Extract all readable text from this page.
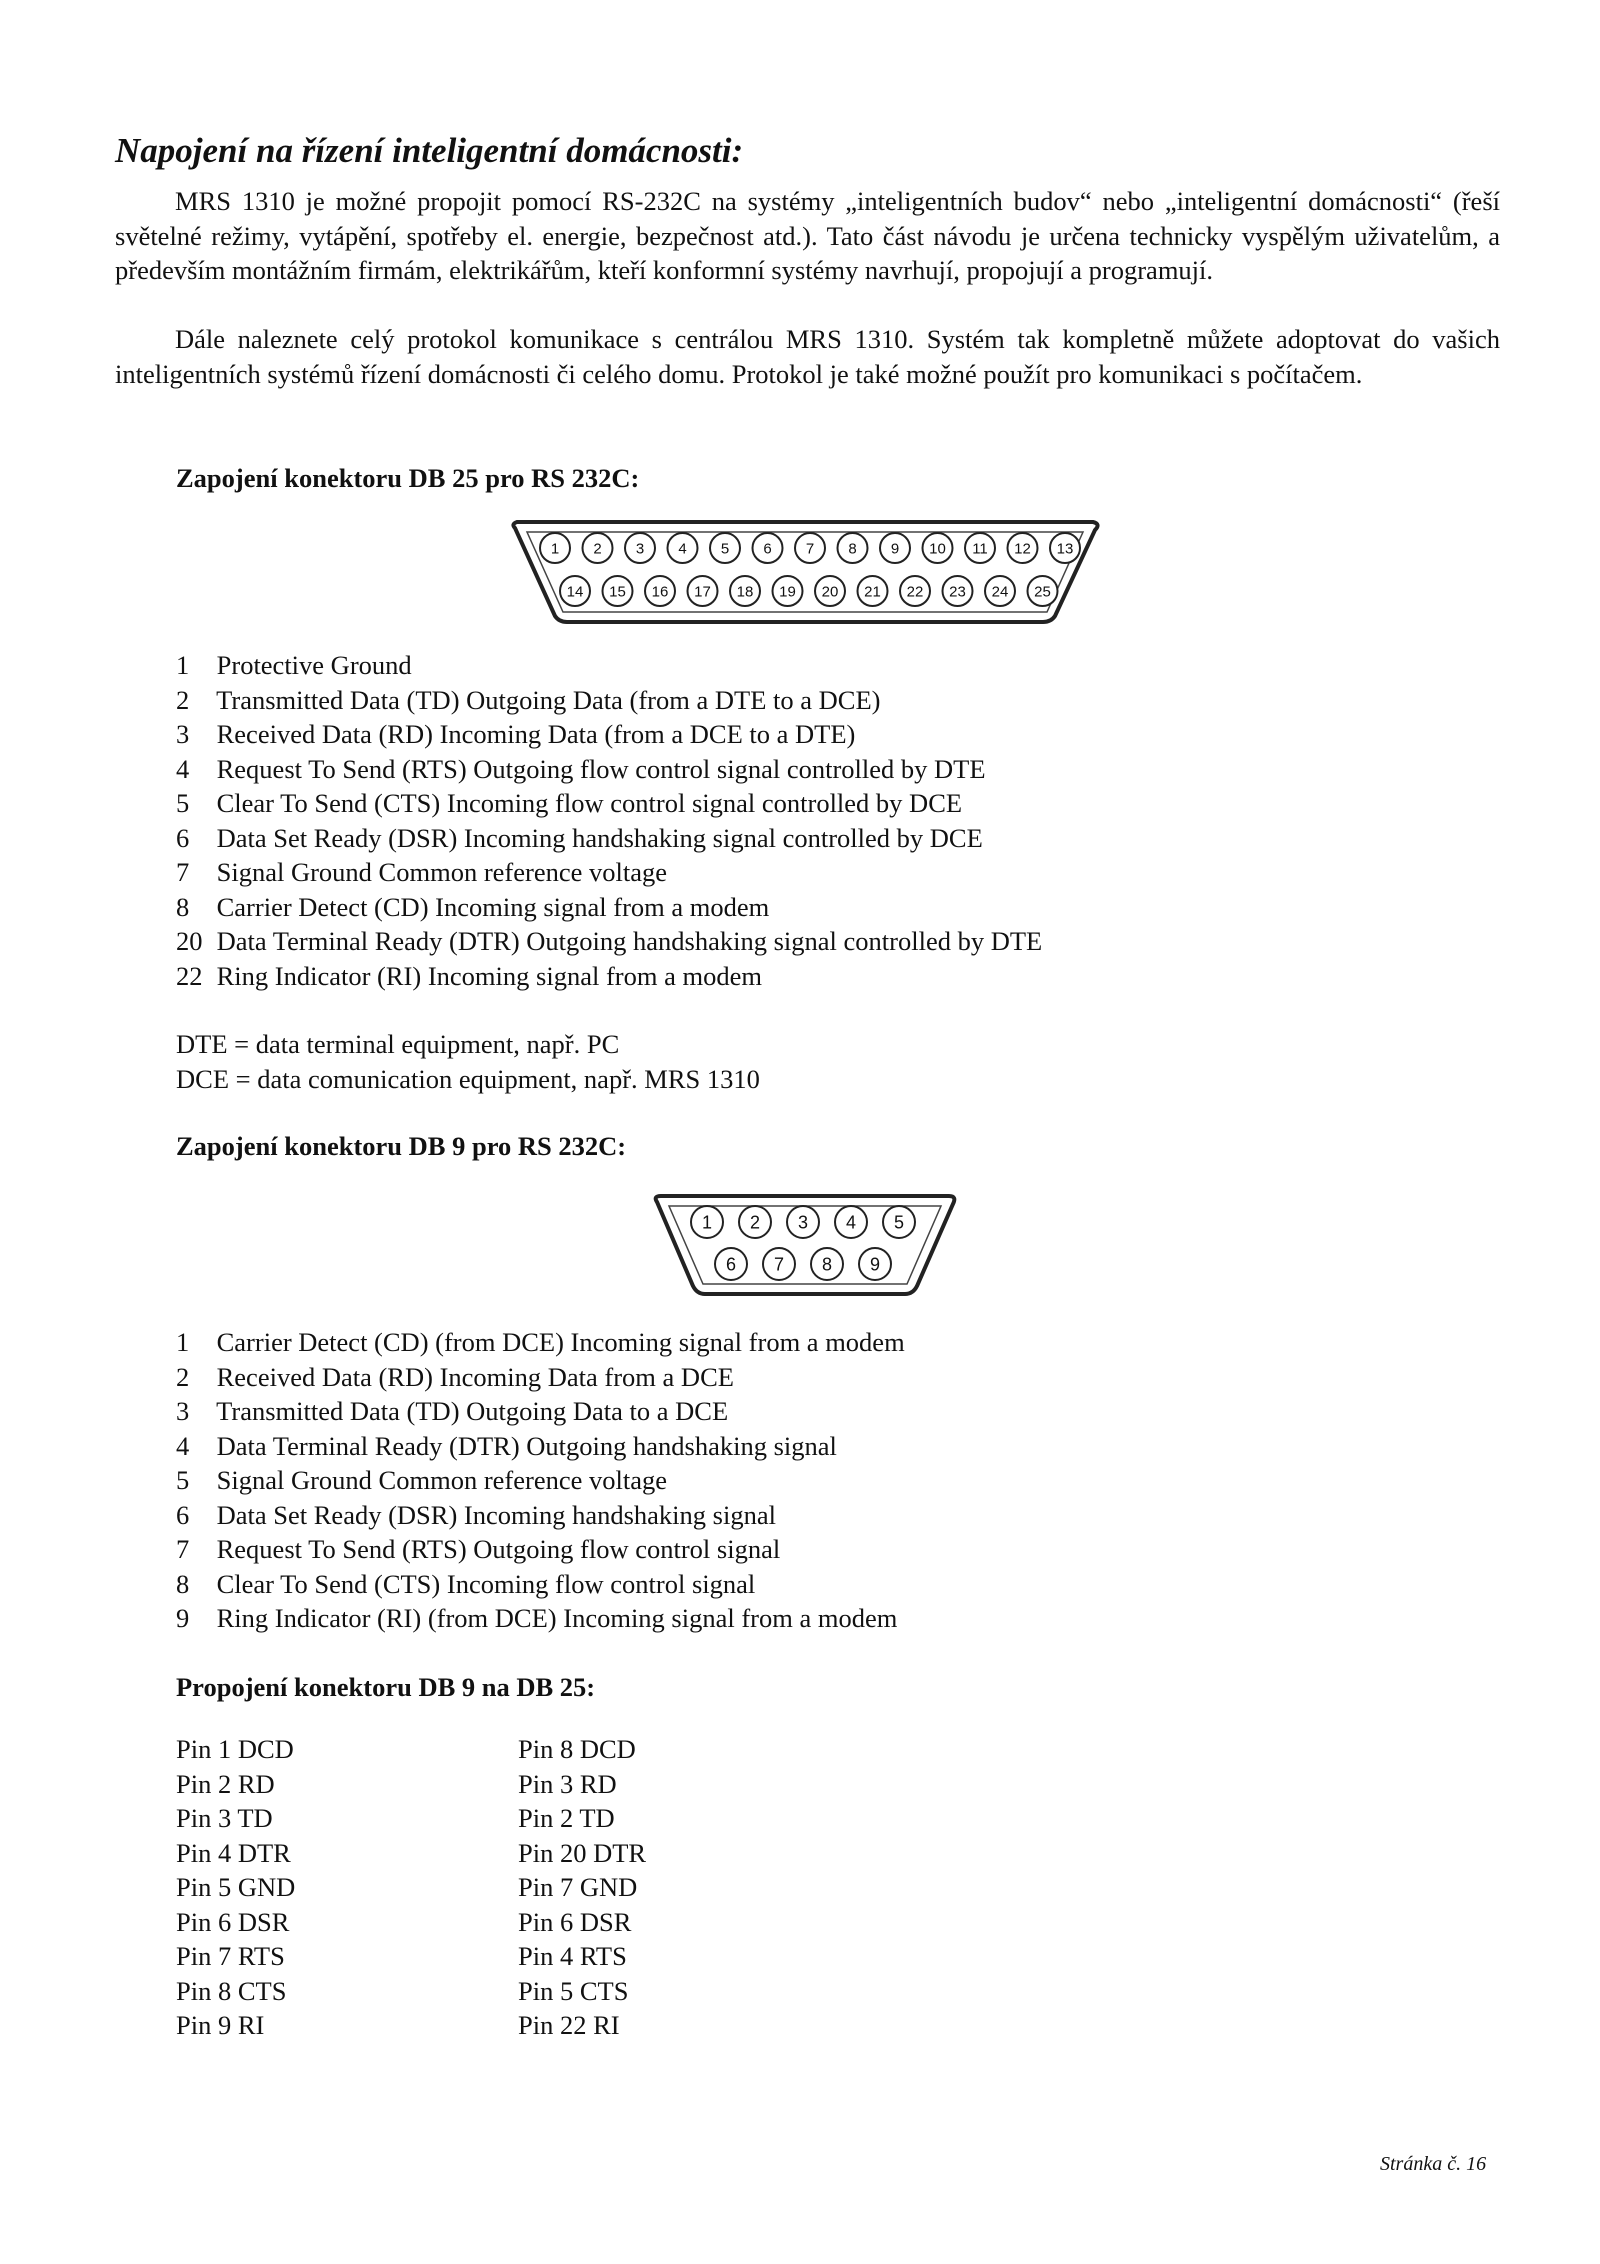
Napojení na řízení inteligentní domácnosti:

MRS 1310 je možné propojit pomocí RS-232C na systémy „inteligentních budov“ nebo „inteligentní domácnosti“ (řeší světelné režimy, vytápění, spotřeby el. energie, bezpečnost atd.). Tato část návodu je určena technicky vyspělým uživatelům, a především montážním firmám, elektrikářům, kteří konformní systémy navrhují, propojují a programují.

Dále naleznete celý protokol komunikace s centrálou MRS 1310. Systém tak kompletně můžete adoptovat do vašich inteligentních systémů řízení domácnosti či celého domu. Protokol je také možné použít pro komunikaci s počítačem.

Zapojení konektoru DB 25 pro RS 232C:
1 2 3 4 5 6 7 8 9 10 11 12 13
14 15 16 17 18 19 20 21 22 23 24 25
1 Protective Ground
2 Transmitted Data (TD) Outgoing Data (from a DTE to a DCE)
3 Received Data (RD) Incoming Data (from a DCE to a DTE)
4 Request To Send (RTS) Outgoing flow control signal controlled by DTE
5 Clear To Send (CTS) Incoming flow control signal controlled by DCE
6 Data Set Ready (DSR) Incoming handshaking signal controlled by DCE
7 Signal Ground Common reference voltage
8 Carrier Detect (CD) Incoming signal from a modem
20 Data Terminal Ready (DTR) Outgoing handshaking signal controlled by DTE
22 Ring Indicator (RI) Incoming signal from a modem
DTE = data terminal equipment, např. PC
DCE = data comunication equipment, např. MRS 1310
Zapojení konektoru DB 9 pro RS 232C:
1 2 3 4 5
6 7 8 9
1 Carrier Detect (CD) (from DCE) Incoming signal from a modem
2 Received Data (RD) Incoming Data from a DCE
3 Transmitted Data (TD) Outgoing Data to a DCE
4 Data Terminal Ready (DTR) Outgoing handshaking signal
5 Signal Ground Common reference voltage
6 Data Set Ready (DSR) Incoming handshaking signal
7 Request To Send (RTS) Outgoing flow control signal
8 Clear To Send (CTS) Incoming flow control signal
9 Ring Indicator (RI) (from DCE) Incoming signal from a modem
Propojení konektoru DB 9 na DB 25:
Pin 1 DCD	Pin 8 DCD
Pin 2 RD	Pin 3 RD
Pin 3 TD	Pin 2 TD
Pin 4 DTR	Pin 20 DTR
Pin 5 GND	Pin 7 GND
Pin 6 DSR	Pin 6 DSR
Pin 7 RTS	Pin 4 RTS
Pin 8 CTS	Pin 5 CTS
Pin 9 RI	Pin 22 RI

Stránka č. 16
